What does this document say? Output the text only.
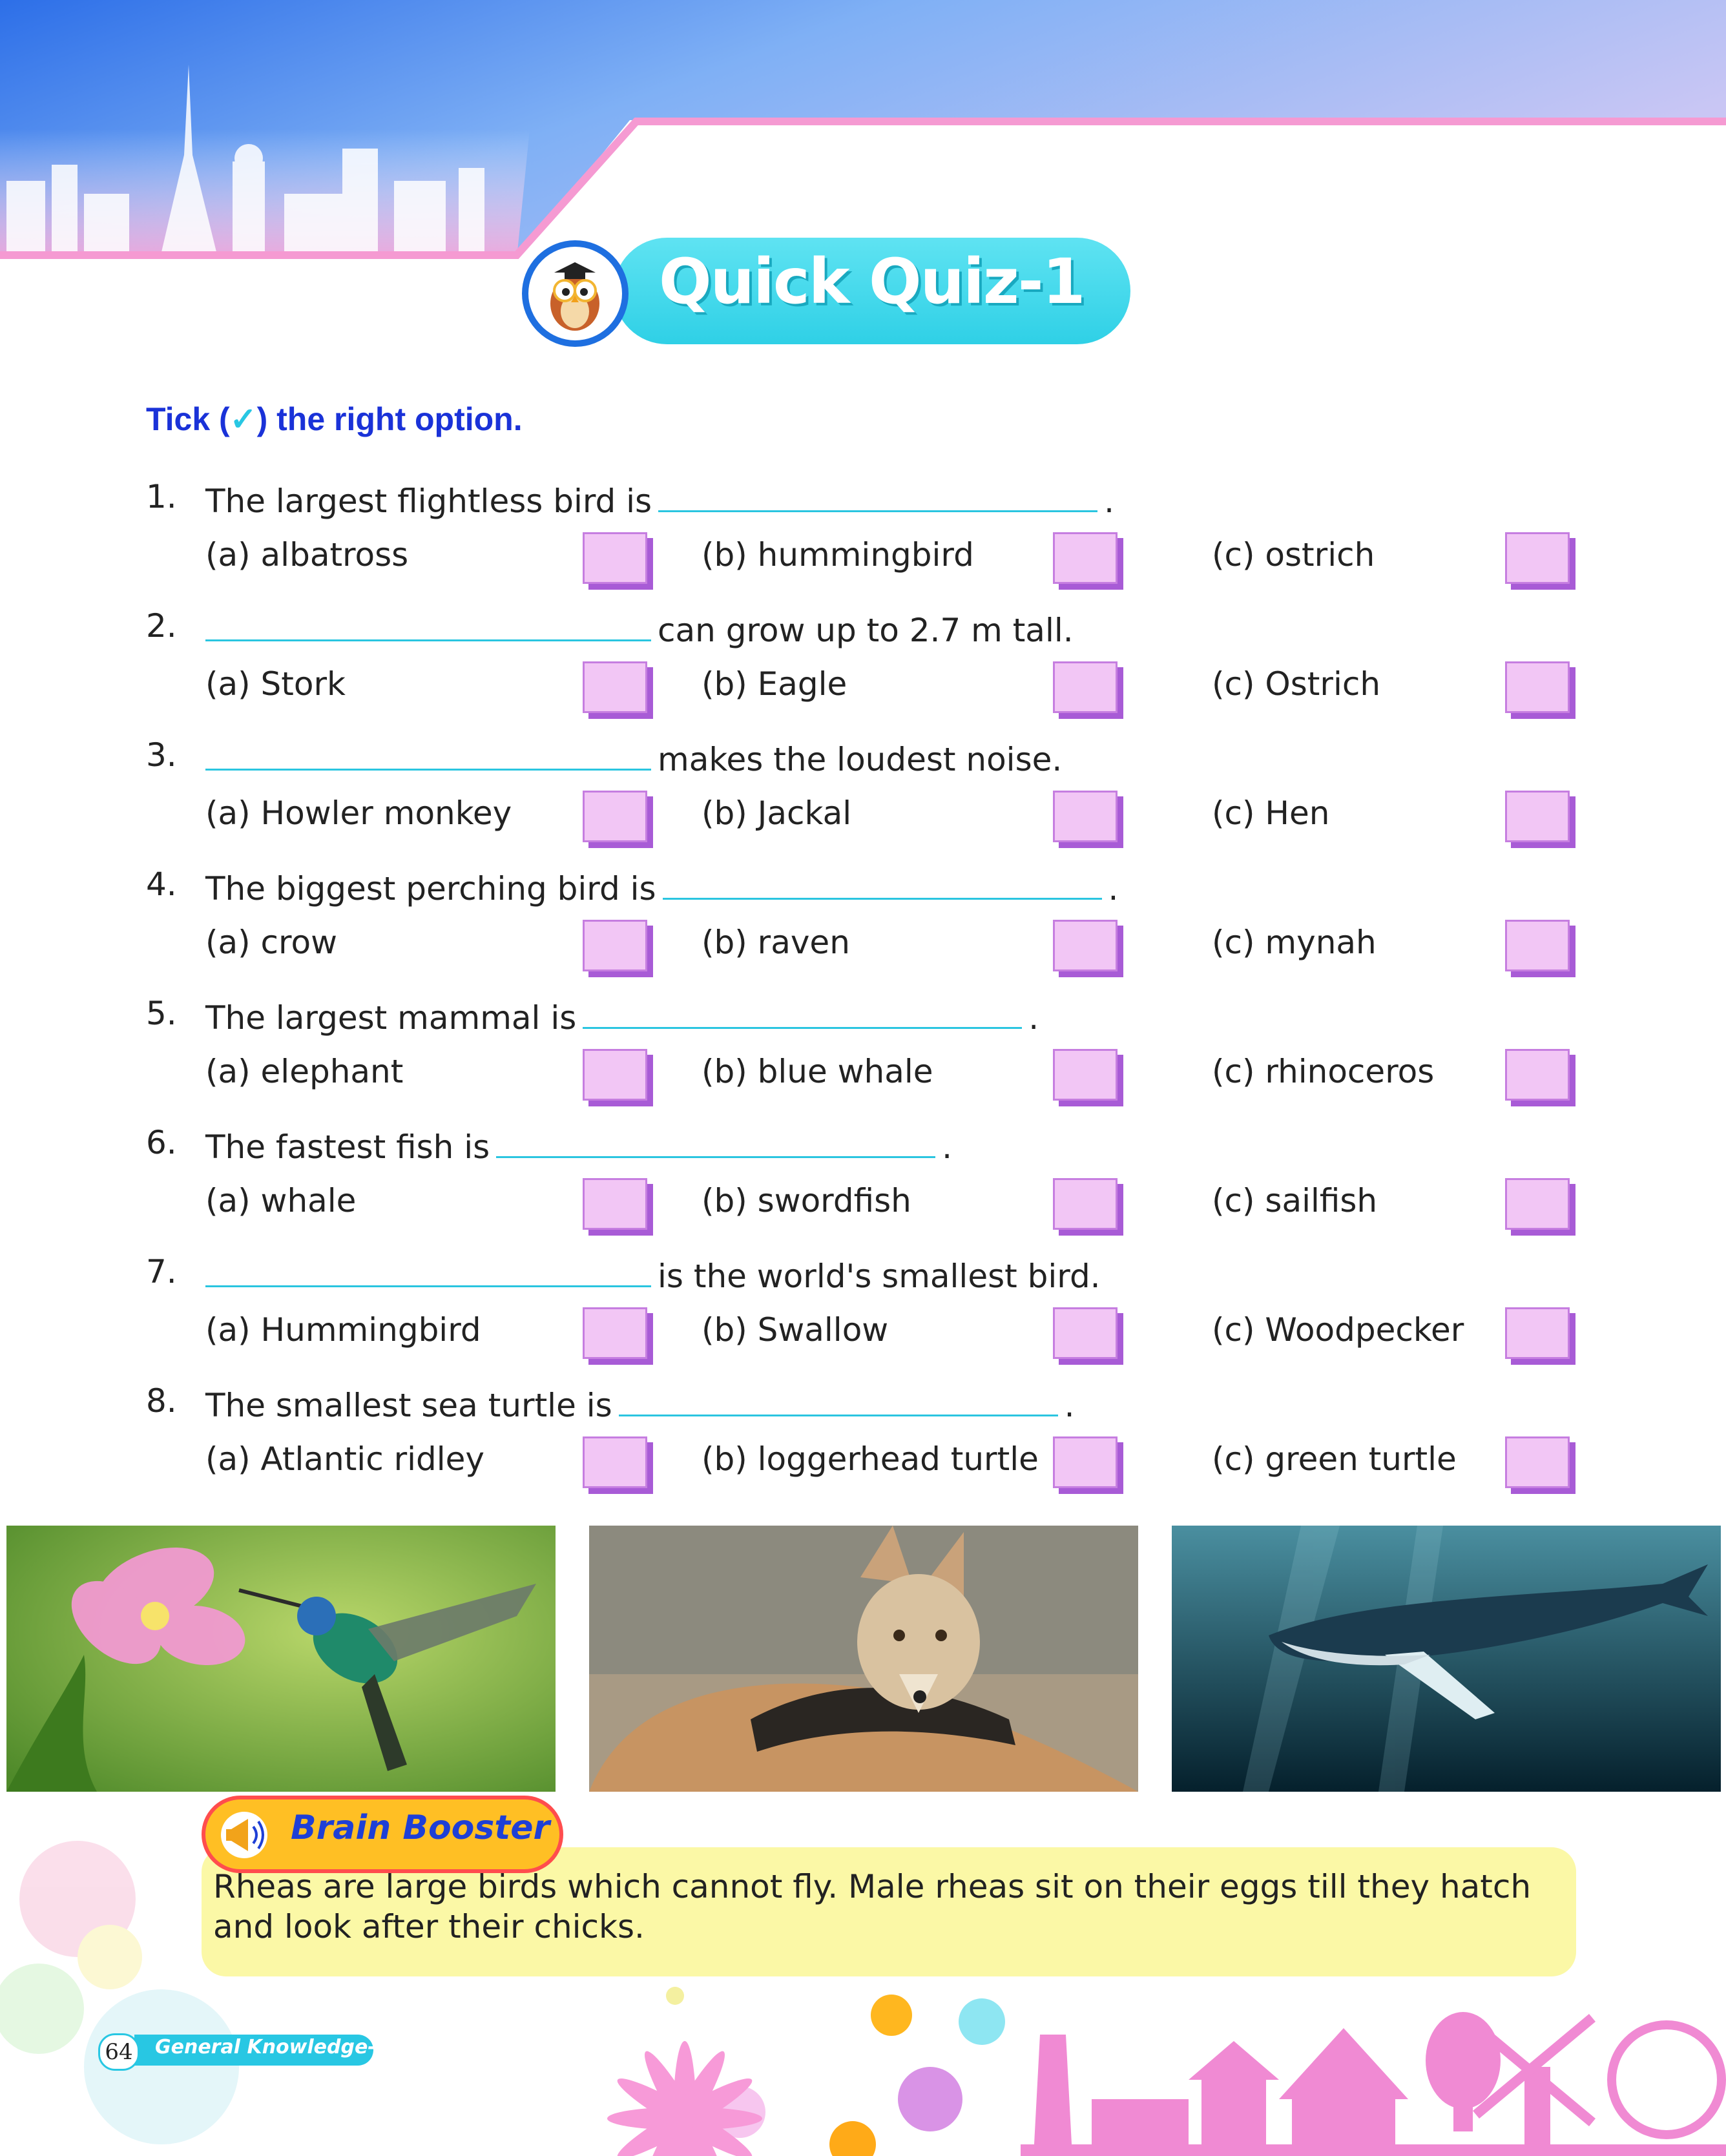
Quick Quiz-1
Tick (✓) the right option.
1. The largest flightless bird is	.
(a) albatross	(b) hummingbird	(c) ostrich
2.	can grow up to 2.7 m tall.
(a) Stork	(b) Eagle	(c) Ostrich
3.	makes the loudest noise.
(a) Howler monkey	(b) Jackal	(c) Hen
4. The biggest perching bird is	.
(a) crow	(b) raven	(c) mynah
5. The largest mammal is	.
(a) elephant	(b) blue whale	(c) rhinoceros
6. The fastest fish is	.
(a) whale	(b) swordfish	(c) sailfish
7.	is the world's smallest bird.
(a) Hummingbird	(b) Swallow	(c) Woodpecker
8. The smallest sea turtle is	.
(a) Atlantic ridley	(b) loggerhead turtle	(c) green turtle
Brain Booster
Rheas are large birds which cannot fly. Male rheas sit on their eggs till they hatch and look after their chicks.
64	General Knowledge-6
